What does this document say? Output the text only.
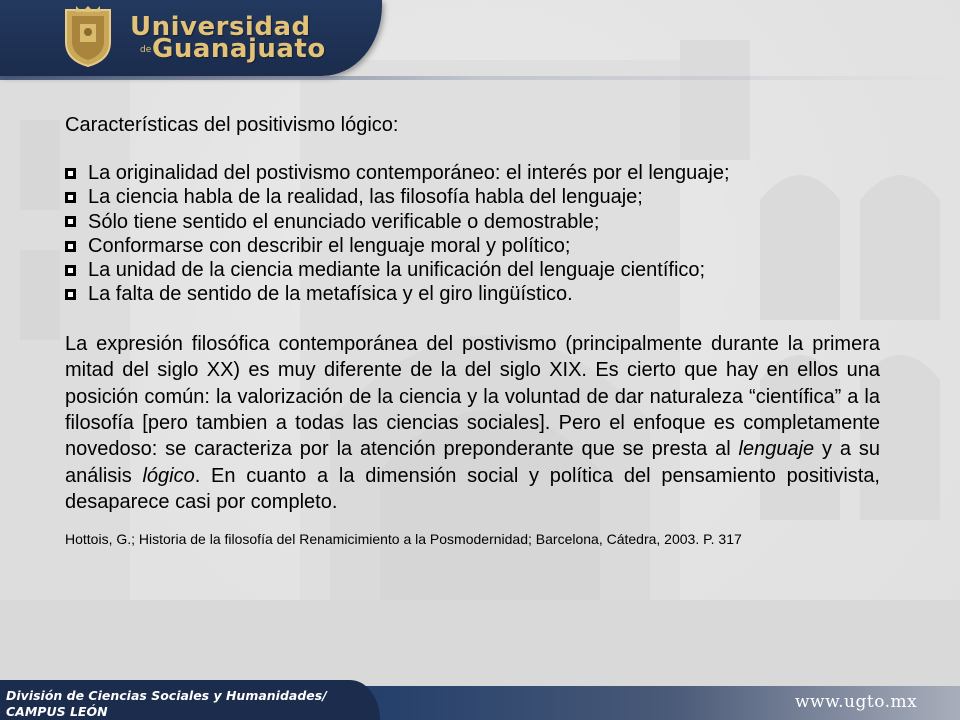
Universidad
de Guanajuato
Características del positivismo lógico:
La originalidad del postivismo contemporáneo: el interés por el lenguaje;
La ciencia habla de la realidad, las filosofía habla del lenguaje;
Sólo tiene sentido el enunciado verificable o demostrable;
Conformarse con describir el lenguaje moral y político;
La unidad de la ciencia mediante la unificación del lenguaje científico;
La falta de sentido de la metafísica y el giro lingüístico.

La expresión filosófica contemporánea del postivismo (principalmente durante la primera mitad del siglo XX) es muy diferente de la del siglo XIX. Es cierto que hay en ellos una posición común: la valorización de la ciencia y la voluntad de dar naturaleza “científica” a la filosofía [pero tambien a todas las ciencias sociales]. Pero el enfoque es completamente novedoso: se caracteriza por la atención preponderante que se presta al lenguaje y a su análisis lógico. En cuanto a la dimensión social y política del pensamiento positivista, desaparece casi por completo.

Hottois, G.; Historia de la filosofía del Renamicimiento a la Posmodernidad; Barcelona, Cátedra, 2003. P. 317
División de Ciencias Sociales y Humanidades/
CAMPUS LEÓN	www.ugto.mx
